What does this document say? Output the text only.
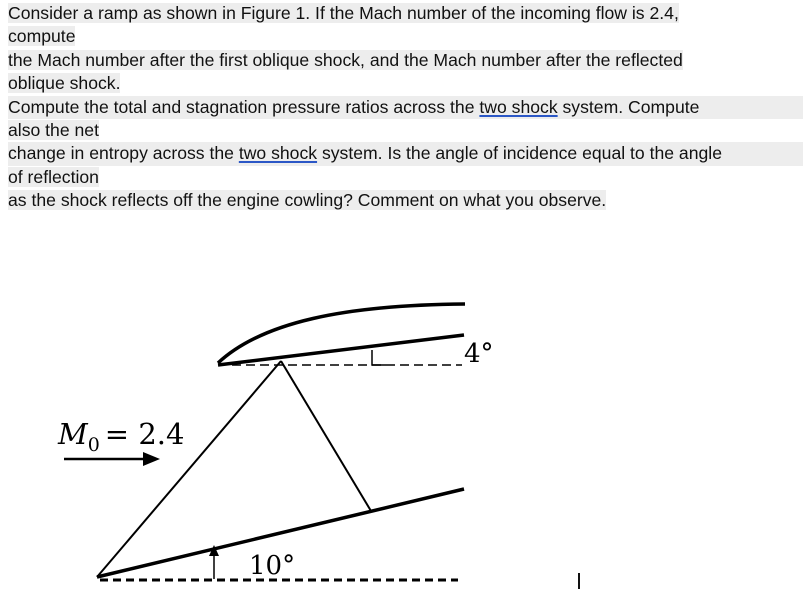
Consider a ramp as shown in Figure 1. If the Mach number of the incoming flow is 2.4,
compute
the Mach number after the first oblique shock, and the Mach number after the reflected
oblique shock.
Compute the total and stagnation pressure ratios across the two shock system. Compute
also the net
change in entropy across the two shock system. Is the angle of incidence equal to the angle
of reflection
as the shock reflects off the engine cowling? Comment on what you observe.
$M_0 = 2.4$
10°
4°
